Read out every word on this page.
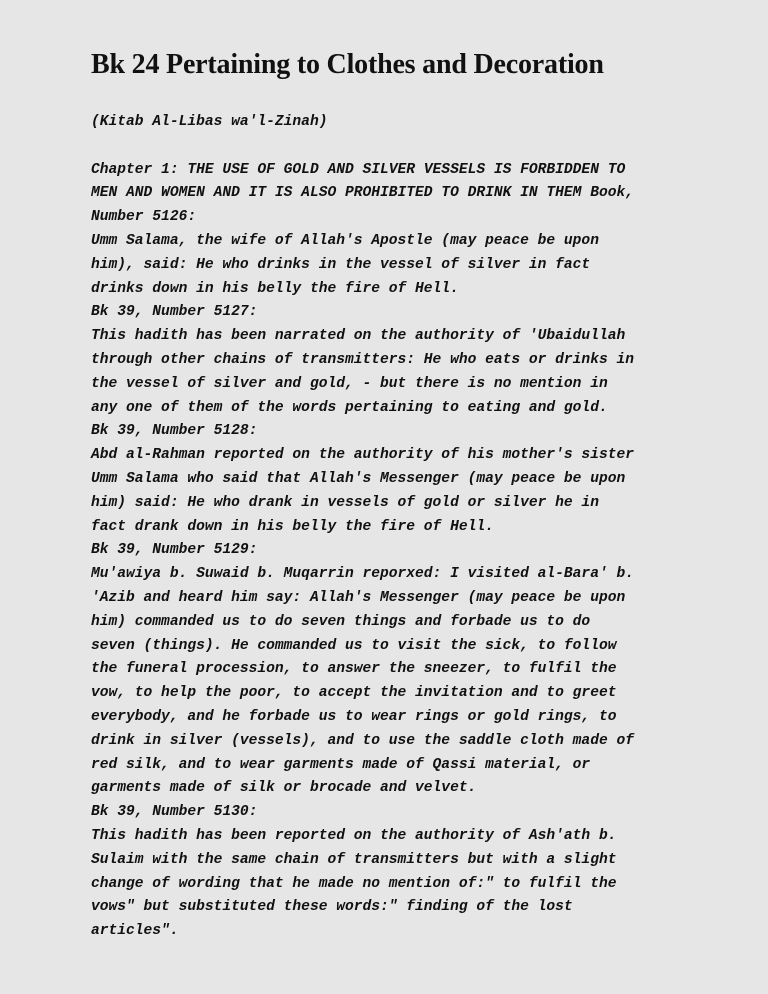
Bk 24 Pertaining to Clothes and Decoration
(Kitab Al-Libas wa'l-Zinah)
Chapter 1: THE USE OF GOLD AND SILVER VESSELS IS FORBIDDEN TO
MEN AND WOMEN AND IT IS ALSO PROHIBITED TO DRINK IN THEM Book,
Number 5126:
Umm Salama, the wife of Allah's Apostle (may peace be upon
him), said: He who drinks in the vessel of silver in fact
drinks down in his belly the fire of Hell.
Bk 39, Number 5127:
This hadith has been narrated on the authority of 'Ubaidullah
through other chains of transmitters: He who eats or drinks in
the vessel of silver and gold, - but there is no mention in
any one of them of the words pertaining to eating and gold.
Bk 39, Number 5128:
Abd al-Rahman reported on the authority of his mother's sister
Umm Salama who said that Allah's Messenger (may peace be upon
him) said: He who drank in vessels of gold or silver he in
fact drank down in his belly the fire of Hell.
Bk 39, Number 5129:
Mu'awiya b. Suwaid b. Muqarrin reporxed: I visited al-Bara' b.
'Azib and heard him say: Allah's Messenger (may peace be upon
him) commanded us to do seven things and forbade us to do
seven (things). He commanded us to visit the sick, to follow
the funeral procession, to answer the sneezer, to fulfil the
vow, to help the poor, to accept the invitation and to greet
everybody, and he forbade us to wear rings or gold rings, to
drink in silver (vessels), and to use the saddle cloth made of
red silk, and to wear garments made of Qassi material, or
garments made of silk or brocade and velvet.
Bk 39, Number 5130:
This hadith has been reported on the authority of Ash'ath b.
Sulaim with the same chain of transmitters but with a slight
change of wording that he made no mention of:" to fulfil the
vows" but substituted these words:" finding of the lost
articles".
